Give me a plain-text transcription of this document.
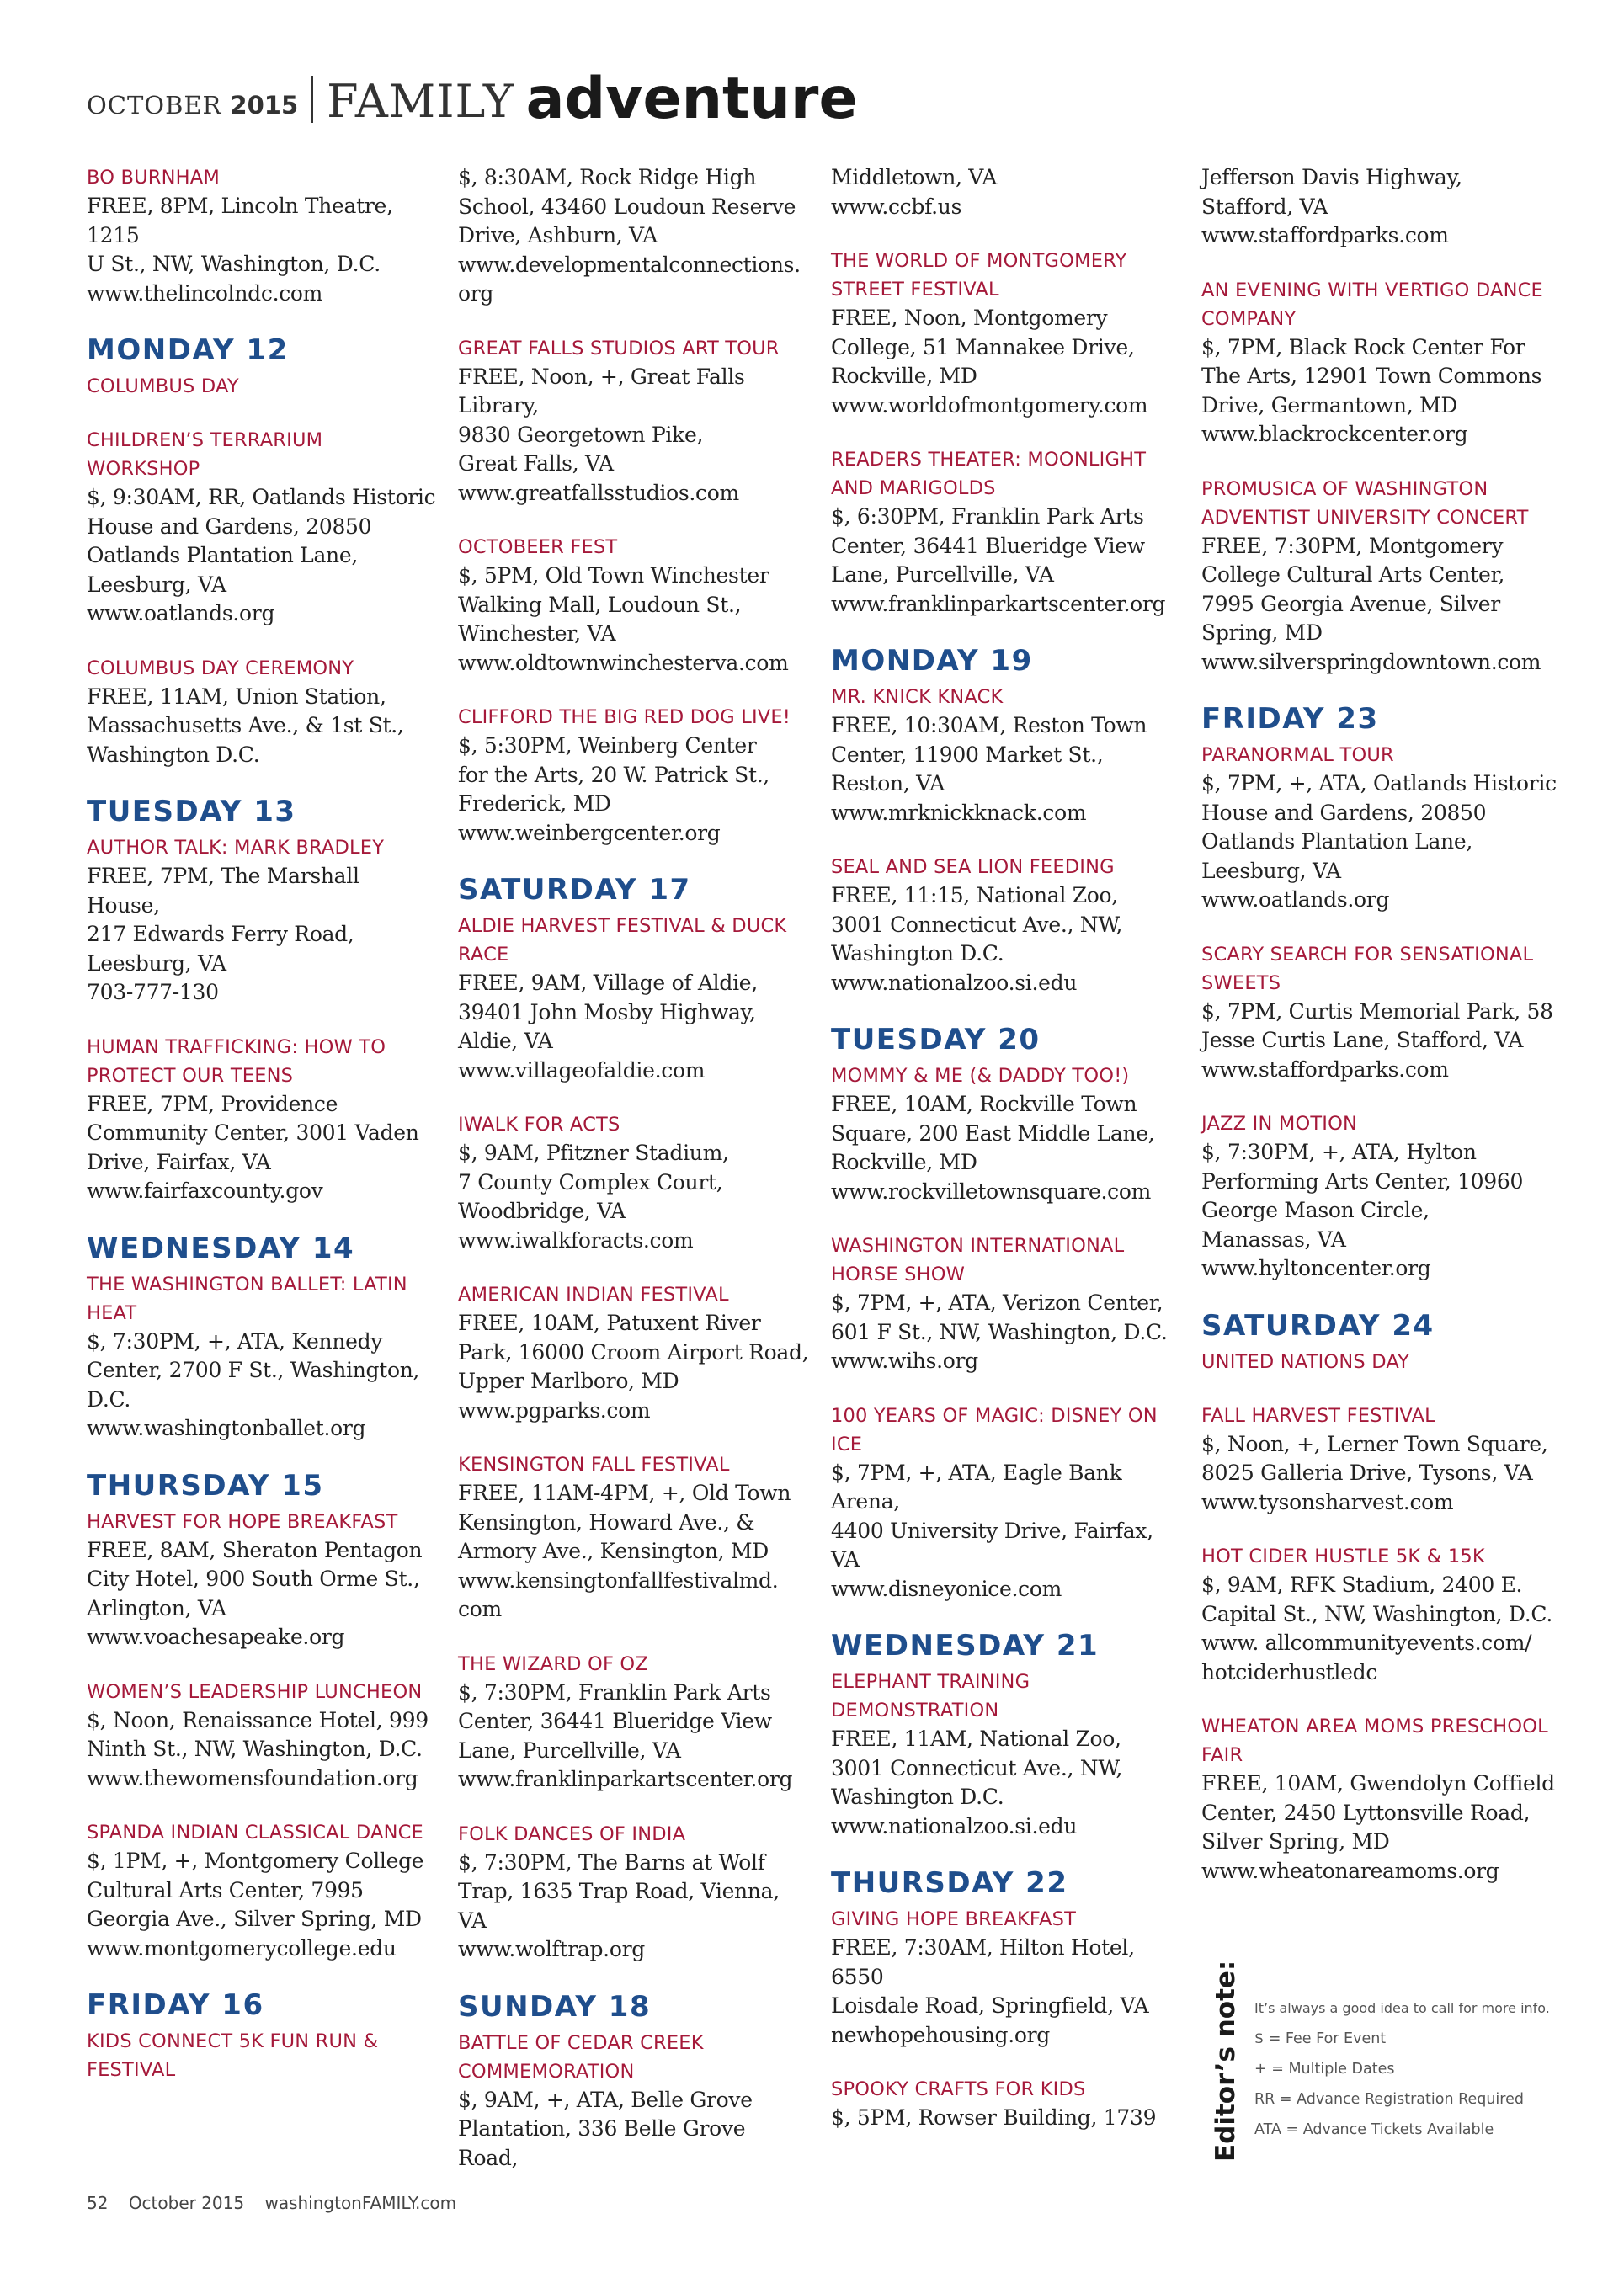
OCTOBER 2015 FAMILY adventure
BO BURNHAM
FREE, 8PM, Lincoln Theatre, 1215
U St., NW, Washington, D.C.
www.thelincolndc.com
MONDAY 12
COLUMBUS DAY
CHILDREN’S TERRARIUM WORKSHOP
$, 9:30AM, RR, Oatlands Historic
House and Gardens, 20850
Oatlands Plantation Lane,
Leesburg, VA
www.oatlands.org
COLUMBUS DAY CEREMONY
FREE, 11AM, Union Station,
Massachusetts Ave., & 1st St.,
Washington D.C.
TUESDAY 13
AUTHOR TALK: MARK BRADLEY
FREE, 7PM, The Marshall House,
217 Edwards Ferry Road,
Leesburg, VA
703-777-130
HUMAN TRAFFICKING: HOW TO PROTECT OUR TEENS
FREE, 7PM, Providence
Community Center, 3001 Vaden
Drive, Fairfax, VA
www.fairfaxcounty.gov
WEDNESDAY 14
THE WASHINGTON BALLET: LATIN HEAT
$, 7:30PM, +, ATA, Kennedy
Center, 2700 F St., Washington,
D.C.
www.washingtonballet.org
THURSDAY 15
HARVEST FOR HOPE BREAKFAST
FREE, 8AM, Sheraton Pentagon
City Hotel, 900 South Orme St.,
Arlington, VA
www.voachesapeake.org
WOMEN’S LEADERSHIP LUNCHEON
$, Noon, Renaissance Hotel, 999
Ninth St., NW, Washington, D.C.
www.thewomensfoundation.org
SPANDA INDIAN CLASSICAL DANCE
$, 1PM, +, Montgomery College
Cultural Arts Center, 7995
Georgia Ave., Silver Spring, MD
www.montgomerycollege.edu
FRIDAY 16
KIDS CONNECT 5K FUN RUN & FESTIVAL
$, 8:30AM, Rock Ridge High
School, 43460 Loudoun Reserve
Drive, Ashburn, VA
www.developmentalconnections.
org
GREAT FALLS STUDIOS ART TOUR
FREE, Noon, +, Great Falls Library,
9830 Georgetown Pike,
Great Falls, VA
www.greatfallsstudios.com
OCTOBEER FEST
$, 5PM, Old Town Winchester
Walking Mall, Loudoun St.,
Winchester, VA
www.oldtownwinchesterva.com
CLIFFORD THE BIG RED DOG LIVE!
$, 5:30PM, Weinberg Center
for the Arts, 20 W. Patrick St.,
Frederick, MD
www.weinbergcenter.org
SATURDAY 17
ALDIE HARVEST FESTIVAL & DUCK RACE
FREE, 9AM, Village of Aldie,
39401 John Mosby Highway,
Aldie, VA
www.villageofaldie.com
IWALK FOR ACTS
$, 9AM, Pfitzner Stadium,
7 County Complex Court,
Woodbridge, VA
www.iwalkforacts.com
AMERICAN INDIAN FESTIVAL
FREE, 10AM, Patuxent River
Park, 16000 Croom Airport Road,
Upper Marlboro, MD
www.pgparks.com
KENSINGTON FALL FESTIVAL
FREE, 11AM-4PM, +, Old Town
Kensington, Howard Ave., &
Armory Ave., Kensington, MD
www.kensingtonfallfestivalmd.
com
THE WIZARD OF OZ
$, 7:30PM, Franklin Park Arts
Center, 36441 Blueridge View
Lane, Purcellville, VA
www.franklinparkartscenter.org
FOLK DANCES OF INDIA
$, 7:30PM, The Barns at Wolf
Trap, 1635 Trap Road, Vienna, VA
www.wolftrap.org
SUNDAY 18
BATTLE OF CEDAR CREEK COMMEMORATION
$, 9AM, +, ATA, Belle Grove
Plantation, 336 Belle Grove Road,
Middletown, VA
www.ccbf.us
THE WORLD OF MONTGOMERY STREET FESTIVAL
FREE, Noon, Montgomery
College, 51 Mannakee Drive,
Rockville, MD
www.worldofmontgomery.com
READERS THEATER: MOONLIGHT AND MARIGOLDS
$, 6:30PM, Franklin Park Arts
Center, 36441 Blueridge View
Lane, Purcellville, VA
www.franklinparkartscenter.org
MONDAY 19
MR. KNICK KNACK
FREE, 10:30AM, Reston Town
Center, 11900 Market St.,
Reston, VA
www.mrknickknack.com
SEAL AND SEA LION FEEDING
FREE, 11:15, National Zoo,
3001 Connecticut Ave., NW,
Washington D.C.
www.nationalzoo.si.edu
TUESDAY 20
MOMMY & ME (& DADDY TOO!)
FREE, 10AM, Rockville Town
Square, 200 East Middle Lane,
Rockville, MD
www.rockvilletownsquare.com
WASHINGTON INTERNATIONAL HORSE SHOW
$, 7PM, +, ATA, Verizon Center,
601 F St., NW, Washington, D.C.
www.wihs.org
100 YEARS OF MAGIC: DISNEY ON ICE
$, 7PM, +, ATA, Eagle Bank Arena,
4400 University Drive, Fairfax, VA
www.disneyonice.com
WEDNESDAY 21
ELEPHANT TRAINING DEMONSTRATION
FREE, 11AM, National Zoo,
3001 Connecticut Ave., NW,
Washington D.C.
www.nationalzoo.si.edu
THURSDAY 22
GIVING HOPE BREAKFAST
FREE, 7:30AM, Hilton Hotel, 6550
Loisdale Road, Springfield, VA
newhopehousing.org
SPOOKY CRAFTS FOR KIDS
$, 5PM, Rowser Building, 1739
Jefferson Davis Highway,
Stafford, VA
www.staffordparks.com
AN EVENING WITH VERTIGO DANCE COMPANY
$, 7PM, Black Rock Center For
The Arts, 12901 Town Commons
Drive, Germantown, MD
www.blackrockcenter.org
PROMUSICA OF WASHINGTON ADVENTIST UNIVERSITY CONCERT
FREE, 7:30PM, Montgomery
College Cultural Arts Center,
7995 Georgia Avenue, Silver
Spring, MD
www.silverspringdowntown.com
FRIDAY 23
PARANORMAL TOUR
$, 7PM, +, ATA, Oatlands Historic
House and Gardens, 20850
Oatlands Plantation Lane,
Leesburg, VA
www.oatlands.org
SCARY SEARCH FOR SENSATIONAL SWEETS
$, 7PM, Curtis Memorial Park, 58
Jesse Curtis Lane, Stafford, VA
www.staffordparks.com
JAZZ IN MOTION
$, 7:30PM, +, ATA, Hylton
Performing Arts Center, 10960
George Mason Circle,
Manassas, VA
www.hyltoncenter.org
SATURDAY 24
UNITED NATIONS DAY
FALL HARVEST FESTIVAL
$, Noon, +, Lerner Town Square,
8025 Galleria Drive, Tysons, VA
www.tysonsharvest.com
HOT CIDER HUSTLE 5K & 15K
$, 9AM, RFK Stadium, 2400 E.
Capital St., NW, Washington, D.C.
www. allcommunityevents.com/
hotciderhustledc
WHEATON AREA MOMS PRESCHOOL FAIR
FREE, 10AM, Gwendolyn Coffield
Center, 2450 Lyttonsville Road,
Silver Spring, MD
www.wheatonareamoms.org
Editor’s note: It’s always a good idea to call for more info.
$ = Fee For Event
+ = Multiple Dates
RR = Advance Registration Required
ATA = Advance Tickets Available
52 October 2015 washingtonFAMILY.com
